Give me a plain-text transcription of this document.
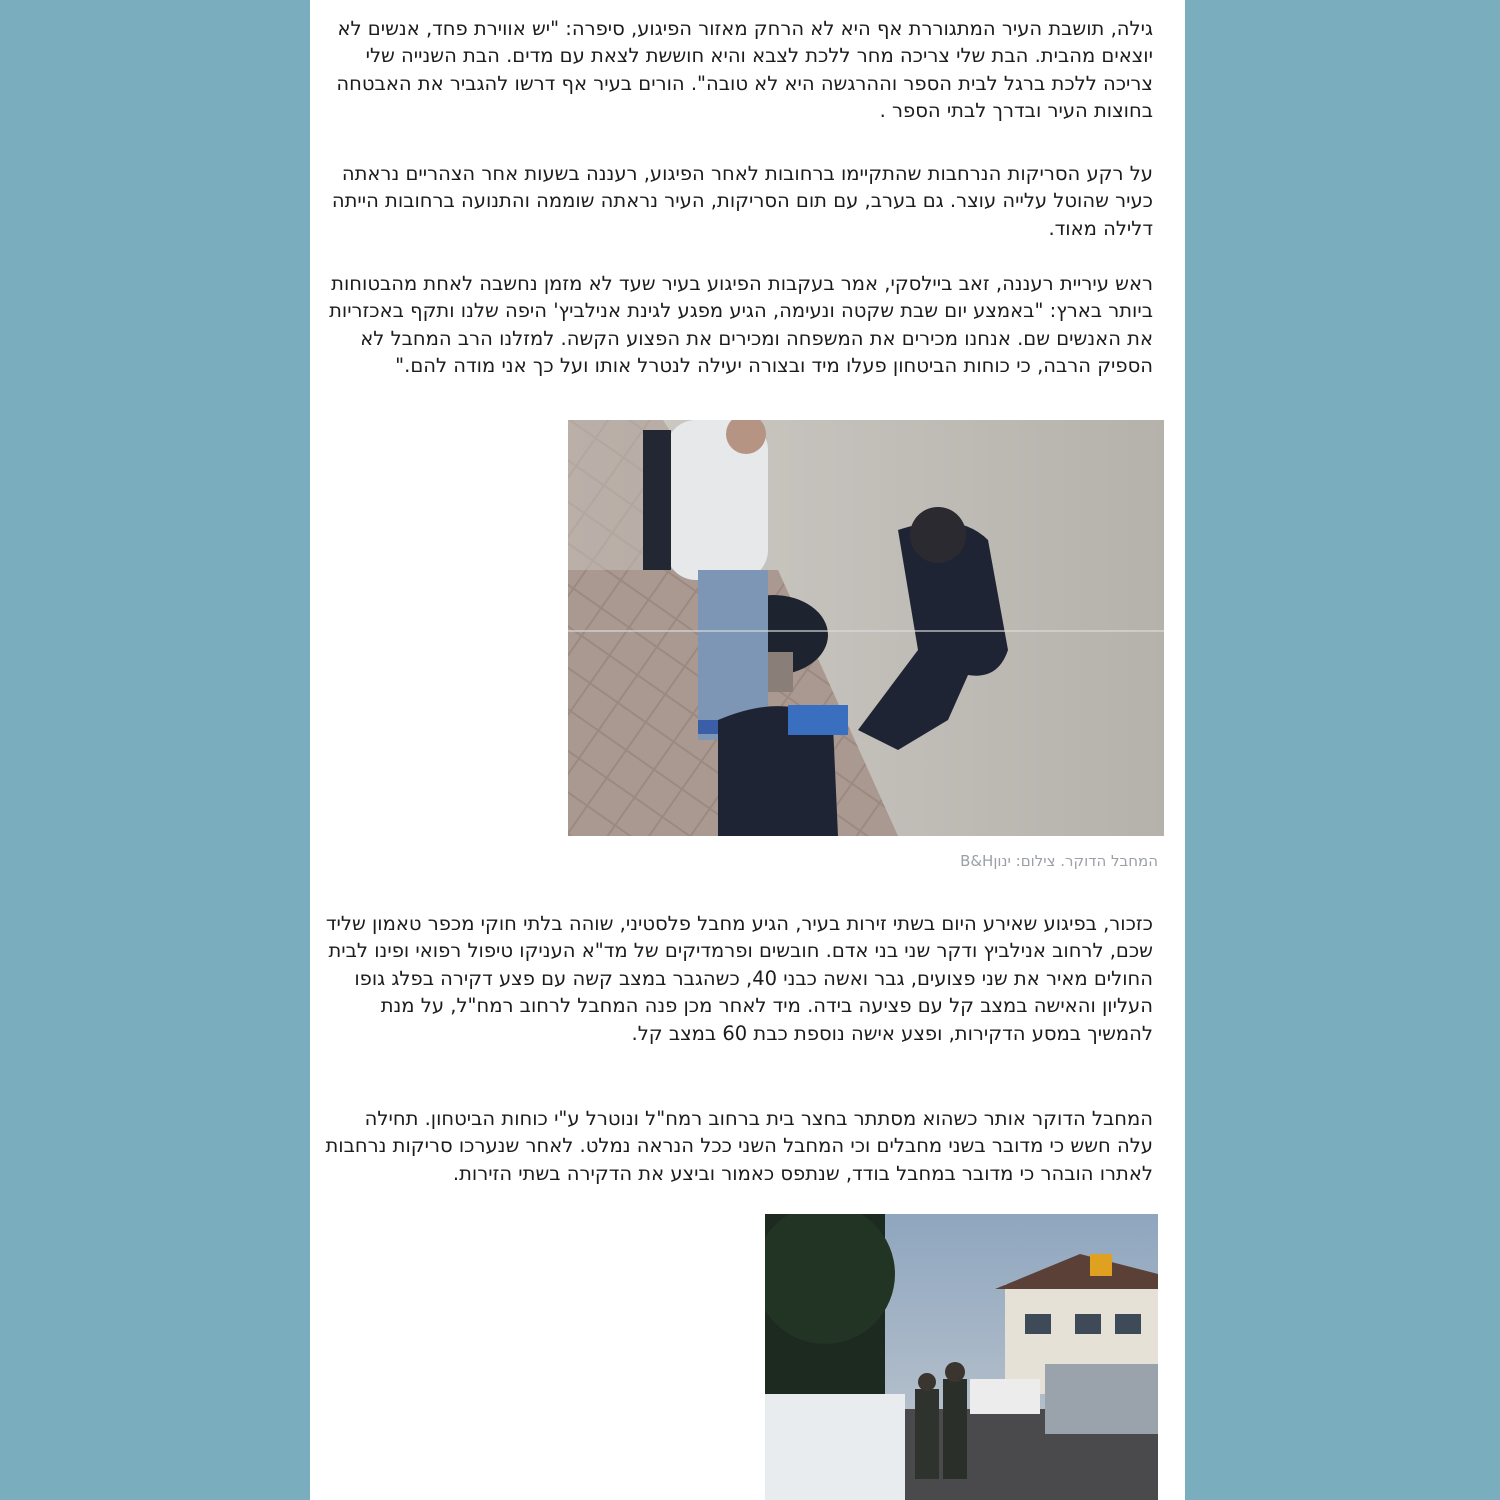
גילה, תושבת העיר המתגוררת אף היא לא הרחק מאזור הפיגוע, סיפרה: "יש אווירת פחד, אנשים לא יוצאים מהבית. הבת שלי צריכה מחר ללכת לצבא והיא חוששת לצאת עם מדים. הבת השנייה שלי צריכה ללכת ברגל לבית הספר וההרגשה היא לא טובה". הורים בעיר אף דרשו להגביר את האבטחה בחוצות העיר ובדרך לבתי הספר .

על רקע הסריקות הנרחבות שהתקיימו ברחובות לאחר הפיגוע, רעננה בשעות אחר הצהריים נראתה כעיר שהוטל עלייה עוצר. גם בערב, עם תום הסריקות, העיר נראתה שוממה והתנועה ברחובות הייתה דלילה מאוד.

ראש עיריית רעננה, זאב ביילסקי, אמר בעקבות הפיגוע בעיר שעד לא מזמן נחשבה לאחת מהבטוחות ביותר בארץ: "באמצע יום שבת שקטה ונעימה, הגיע מפגע לגינת אנילביץ' היפה שלנו ותקף באכזריות את האנשים שם. אנחנו מכירים את המשפחה ומכירים את הפצוע הקשה. למזלנו הרב המחבל לא הספיק הרבה, כי כוחות הביטחון פעלו מיד ובצורה יעילה לנטרל אותו ועל כך אני מודה להם."

המחבל הדוקר. צילום: ינוןB&H

כזכור, בפיגוע שאירע היום בשתי זירות בעיר, הגיע מחבל פלסטיני, שוהה בלתי חוקי מכפר טאמון שליד שכם, לרחוב אנילביץ ודקר שני בני אדם. חובשים ופרמדיקים של מד"א העניקו טיפול רפואי ופינו לבית החולים מאיר את שני פצועים, גבר ואשה כבני 40, כשהגבר במצב קשה עם פצע דקירה בפלג גופו העליון והאישה במצב קל עם פציעה בידה. מיד לאחר מכן פנה המחבל לרחוב רמח"ל, על מנת להמשיך במסע הדקירות, ופצע אישה נוספת כבת 60 במצב קל.

המחבל הדוקר אותר כשהוא מסתתר בחצר בית ברחוב רמח"ל ונוטרל ע"י כוחות הביטחון. תחילה עלה חשש כי מדובר בשני מחבלים וכי המחבל השני ככל הנראה נמלט. לאחר שנערכו סריקות נרחבות לאתרו הובהר כי מדובר במחבל בודד, שנתפס כאמור וביצע את הדקירה בשתי הזירות.
